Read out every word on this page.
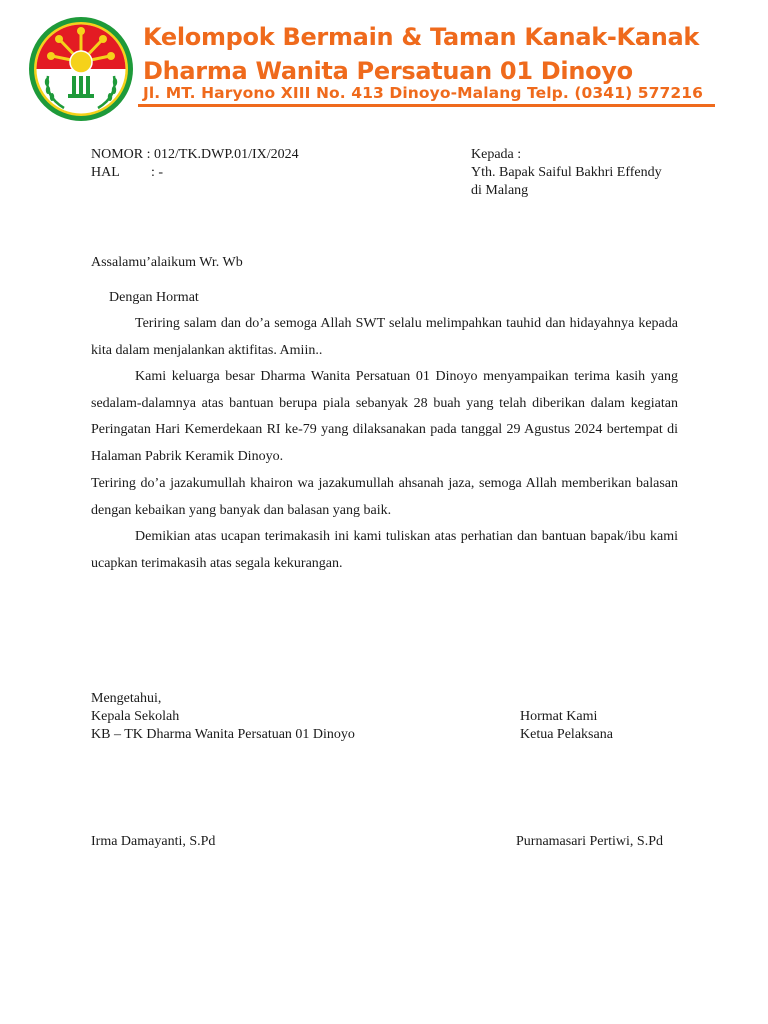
Kelompok Bermain & Taman Kanak-Kanak
Dharma Wanita Persatuan 01 Dinoyo
Jl. MT. Haryono XIII No. 413 Dinoyo-Malang Telp. (0341) 577216
NOMOR : 012/TK.DWP.01/IX/2024
HAL : -
Kepada :
Yth. Bapak Saiful Bakhri Effendy
di Malang
Assalamu’alaikum Wr. Wb
Dengan Hormat
Teriring salam dan do’a semoga Allah SWT selalu melimpahkan tauhid dan hidayahnya kepada kita dalam menjalankan aktifitas. Amiin..
Kami keluarga besar Dharma Wanita Persatuan 01 Dinoyo menyampaikan terima kasih yang sedalam-dalamnya atas bantuan berupa piala sebanyak 28 buah yang telah diberikan dalam kegiatan Peringatan Hari Kemerdekaan RI ke-79 yang dilaksanakan pada tanggal 29 Agustus 2024 bertempat di Halaman Pabrik Keramik Dinoyo.
Teriring do’a jazakumullah khairon wa jazakumullah ahsanah jaza, semoga Allah memberikan balasan dengan kebaikan yang banyak dan balasan yang baik.
Demikian atas ucapan terimakasih ini kami tuliskan atas perhatian dan bantuan bapak/ibu kami ucapkan terimakasih atas segala kekurangan.
Mengetahui,
Kepala Sekolah
KB – TK Dharma Wanita Persatuan 01 Dinoyo
Irma Damayanti, S.Pd
Hormat Kami
Ketua Pelaksana
Purnamasari Pertiwi, S.Pd
